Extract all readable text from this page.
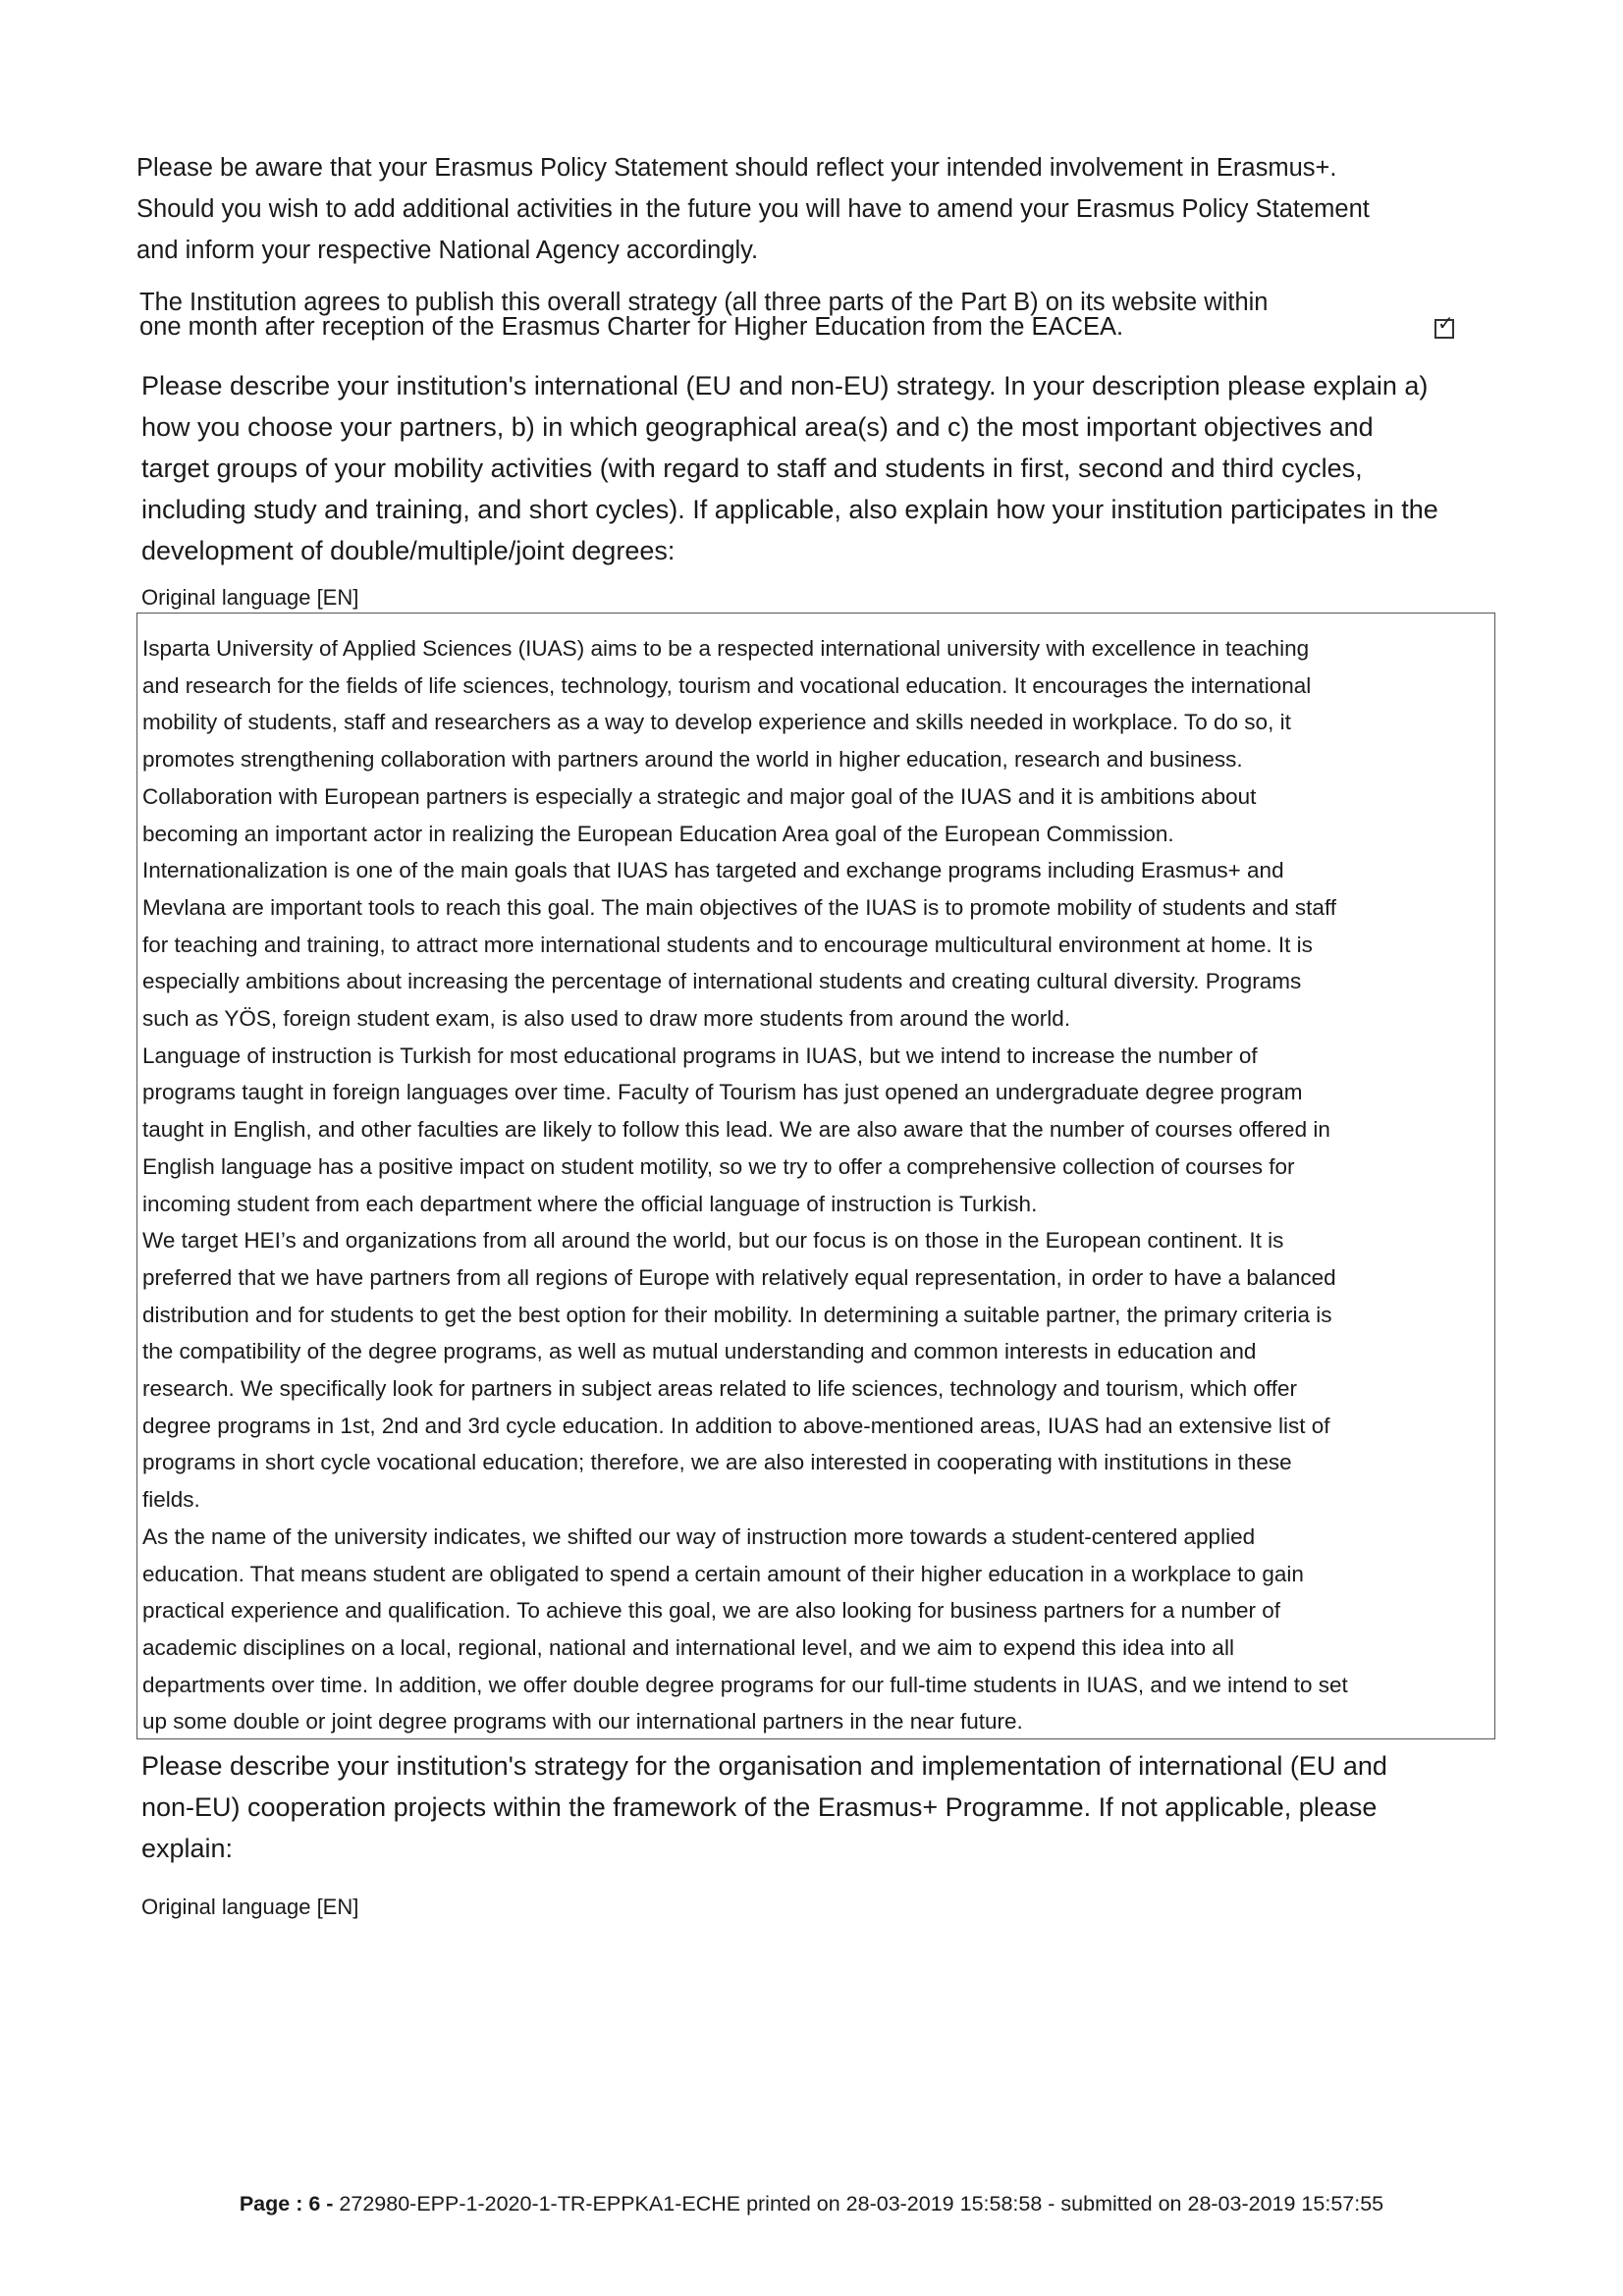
Please be aware that your Erasmus Policy Statement should reflect your intended involvement in Erasmus+.
Should you wish to add additional activities in the future you will have to amend your Erasmus Policy Statement
and inform your respective National Agency accordingly.

The Institution agrees to publish this overall strategy (all three parts of the Part B) on its website within
one month after reception of the Erasmus Charter for Higher Education from the EACEA.	✓

Please describe your institution's international (EU and non-EU) strategy. In your description please explain a)
how you choose your partners, b) in which geographical area(s) and c) the most important objectives and
target groups of your mobility activities (with regard to staff and students in first, second and third cycles,
including study and training, and short cycles). If applicable, also explain how your institution participates in the
development of double/multiple/joint degrees:

Original language [EN]

Isparta University of Applied Sciences (IUAS) aims to be a respected international university with excellence in teaching
and research for the fields of life sciences, technology, tourism and vocational education. It encourages the international
mobility of students, staff and researchers as a way to develop experience and skills needed in workplace. To do so, it
promotes strengthening collaboration with partners around the world in higher education, research and business.
Collaboration with European partners is especially a strategic and major goal of the IUAS and it is ambitions about
becoming an important actor in realizing the European Education Area goal of the European Commission.
Internationalization is one of the main goals that IUAS has targeted and exchange programs including Erasmus+ and
Mevlana are important tools to reach this goal. The main objectives of the IUAS is to promote mobility of students and staff
for teaching and training, to attract more international students and to encourage multicultural environment at home. It is
especially ambitions about increasing the percentage of international students and creating cultural diversity. Programs
such as YÖS, foreign student exam, is also used to draw more students from around the world.
Language of instruction is Turkish for most educational programs in IUAS, but we intend to increase the number of
programs taught in foreign languages over time. Faculty of Tourism has just opened an undergraduate degree program
taught in English, and other faculties are likely to follow this lead. We are also aware that the number of courses offered in
English language has a positive impact on student motility, so we try to offer a comprehensive collection of courses for
incoming student from each department where the official language of instruction is Turkish.
We target HEI’s and organizations from all around the world, but our focus is on those in the European continent. It is
preferred that we have partners from all regions of Europe with relatively equal representation, in order to have a balanced
distribution and for students to get the best option for their mobility. In determining a suitable partner, the primary criteria is
the compatibility of the degree programs, as well as mutual understanding and common interests in education and
research. We specifically look for partners in subject areas related to life sciences, technology and tourism, which offer
degree programs in 1st, 2nd and 3rd cycle education. In addition to above-mentioned areas, IUAS had an extensive list of
programs in short cycle vocational education; therefore, we are also interested in cooperating with institutions in these
fields.
As the name of the university indicates, we shifted our way of instruction more towards a student-centered applied
education. That means student are obligated to spend a certain amount of their higher education in a workplace to gain
practical experience and qualification. To achieve this goal, we are also looking for business partners for a number of
academic disciplines on a local, regional, national and international level, and we aim to expend this idea into all
departments over time. In addition, we offer double degree programs for our full-time students in IUAS, and we intend to set
up some double or joint degree programs with our international partners in the near future.

Please describe your institution's strategy for the organisation and implementation of international (EU and
non-EU) cooperation projects within the framework of the Erasmus+ Programme. If not applicable, please
explain:

Original language [EN]

Page : 6 - 272980-EPP-1-2020-1-TR-EPPKA1-ECHE printed on 28-03-2019 15:58:58 - submitted on 28-03-2019 15:57:55
